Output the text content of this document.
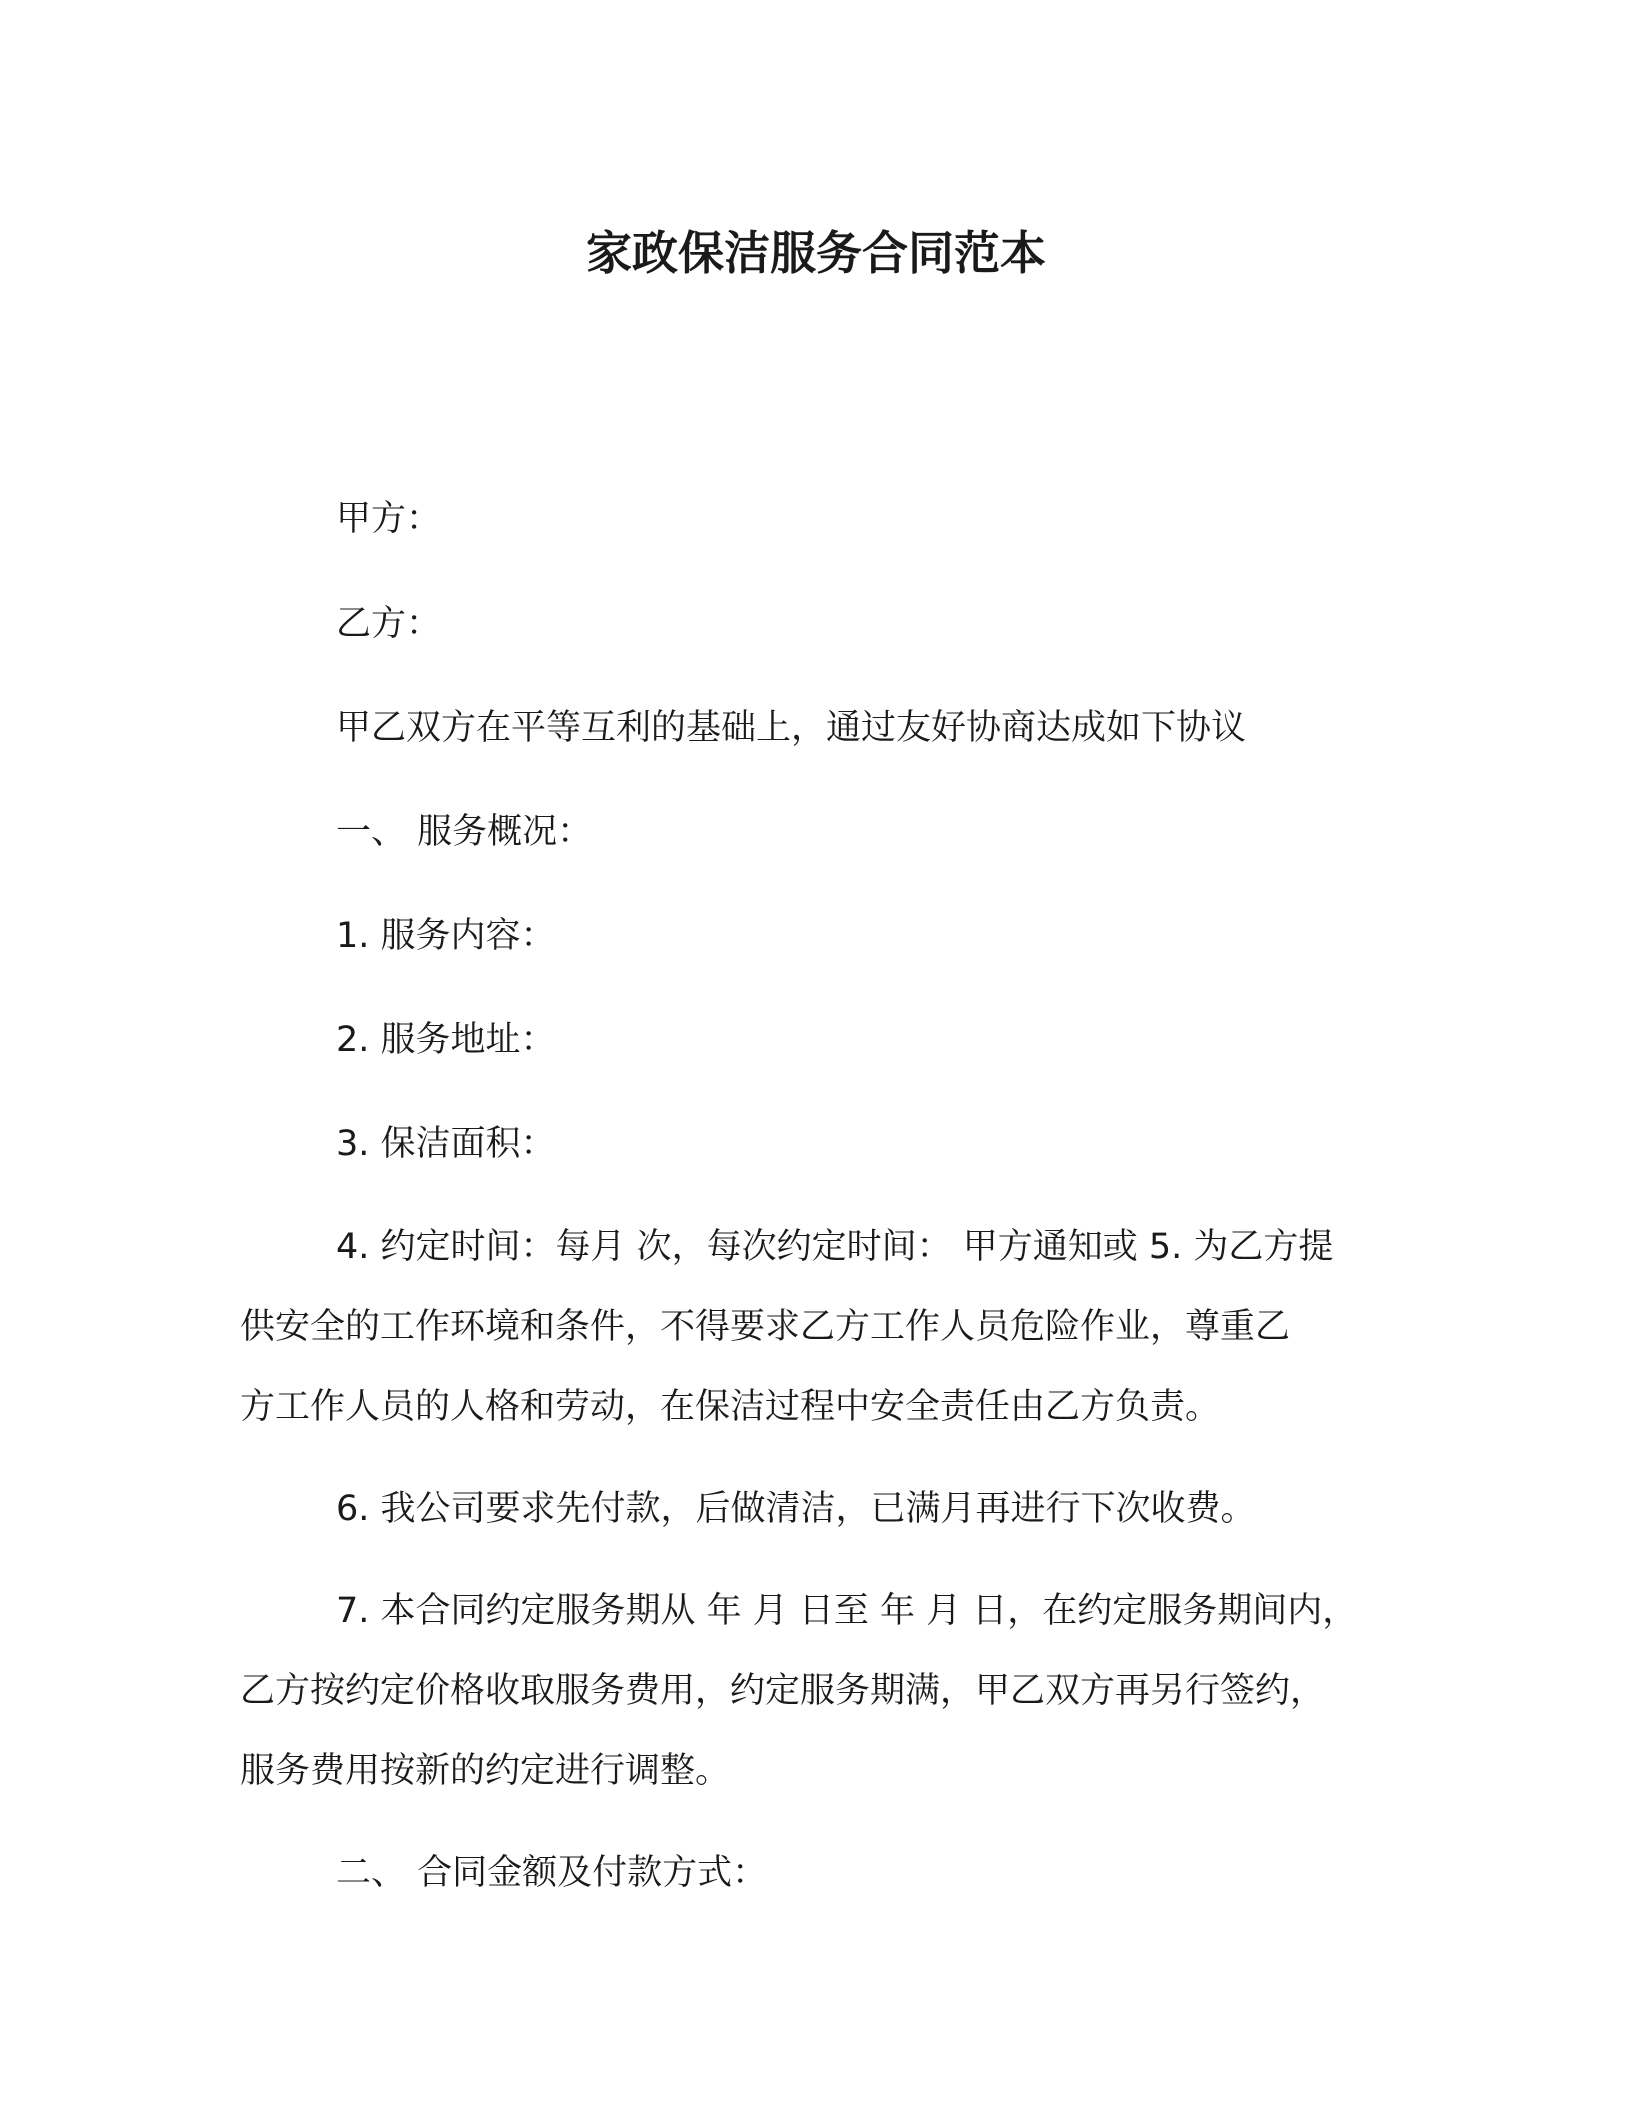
家政保洁服务合同范本
甲方：
乙方：
甲乙双方在平等互利的基础上，通过友好协商达成如下协议
一、 服务概况：
1. 服务内容：
2. 服务地址：
3. 保洁面积：
4. 约定时间：每月 次，每次约定时间： 甲方通知或 5. 为乙方提
供安全的工作环境和条件，不得要求乙方工作人员危险作业，尊重乙
方工作人员的人格和劳动，在保洁过程中安全责任由乙方负责。
6. 我公司要求先付款，后做清洁，已满月再进行下次收费。
7. 本合同约定服务期从 年 月 日至 年 月 日，在约定服务期间内，
乙方按约定价格收取服务费用，约定服务期满，甲乙双方再另行签约，
服务费用按新的约定进行调整。
二、 合同金额及付款方式：
